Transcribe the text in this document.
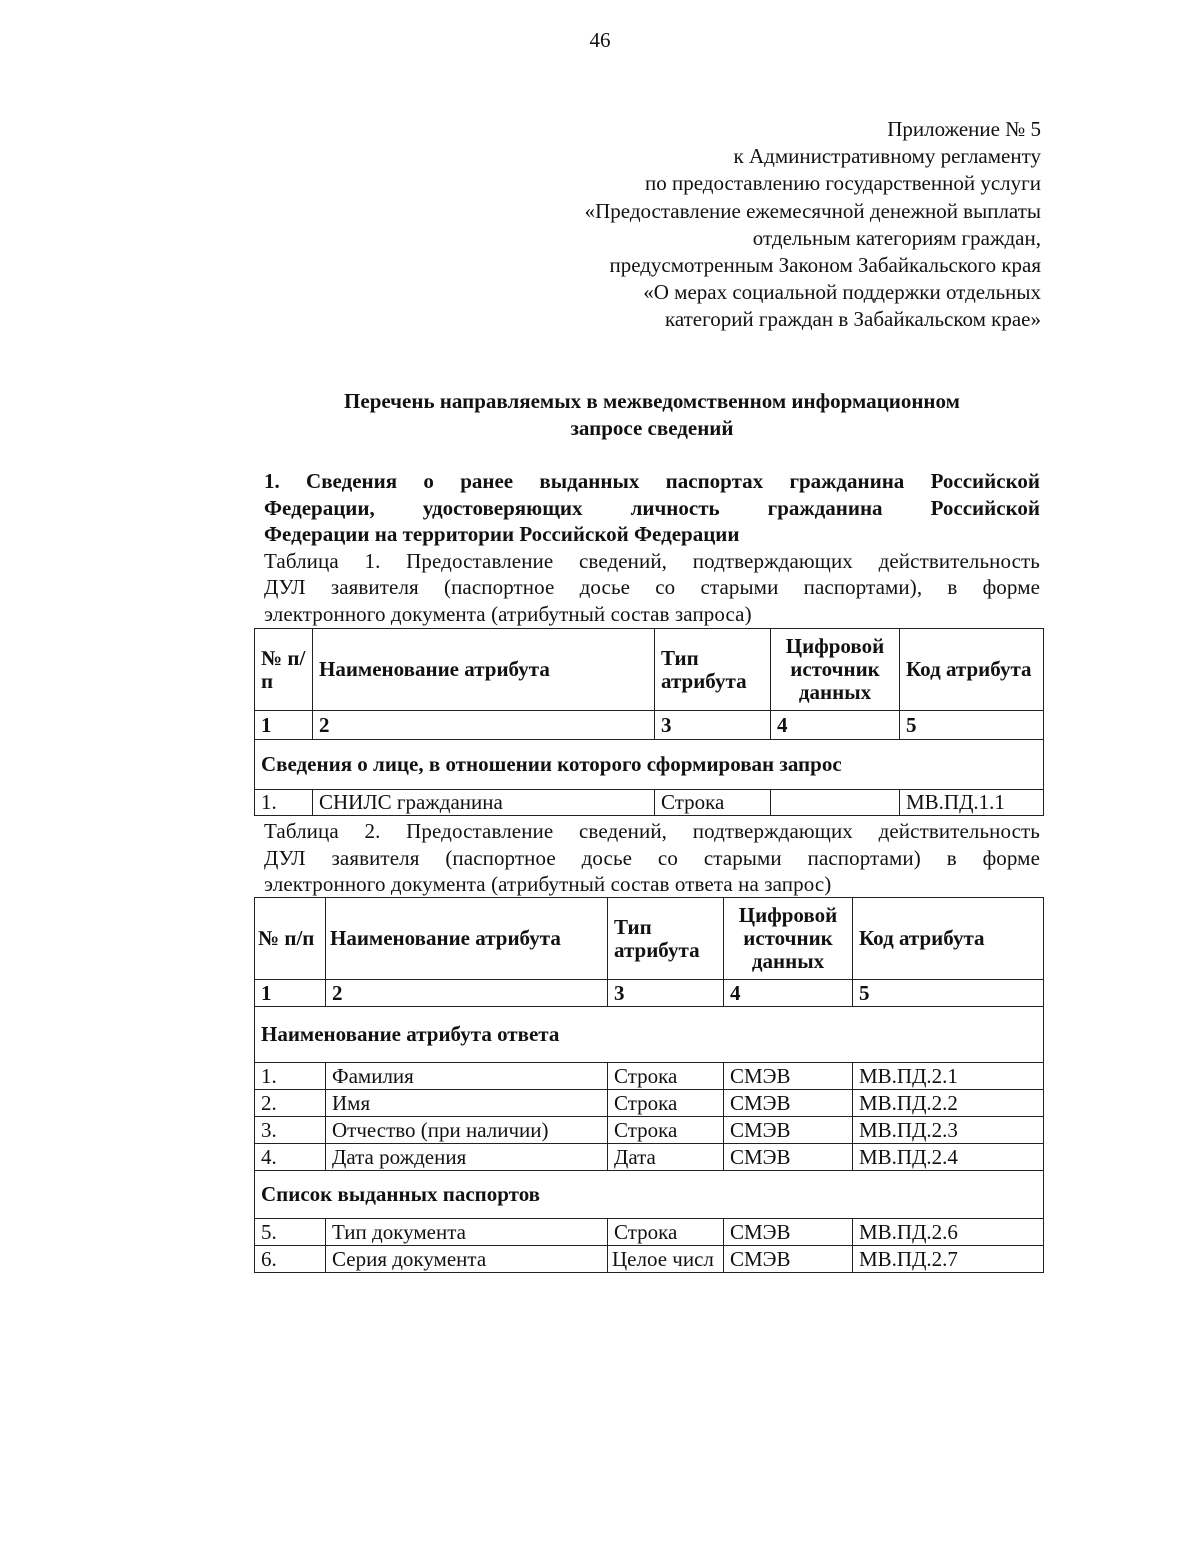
46
Приложение № 5
к Административному регламенту
по предоставлению государственной услуги
«Предоставление ежемесячной денежной выплаты
отдельным категориям граждан,
предусмотренным Законом Забайкальского края
«О мерах социальной поддержки отдельных
категорий граждан в Забайкальском крае»
Перечень направляемых в межведомственном информационном
запросе сведений
1. Сведения о ранее выданных паспортах гражданина Российской
Федерации, удостоверяющих личность гражданина Российской
Федерации на территории Российской Федерации
Таблица 1. Предоставление сведений, подтверждающих действительность
ДУЛ заявителя (паспортное досье со старыми паспортами), в форме
электронного документа (атрибутный состав запроса)
№ п/п	Наименование атрибута	Тип атрибута	Цифровой источник данных	Код атрибута
1	2	3	4	5
Сведения о лице, в отношении которого сформирован запрос				
1.	СНИЛС гражданина	Строка		МВ.ПД.1.1
Таблица 2. Предоставление сведений, подтверждающих действительность
ДУЛ заявителя (паспортное досье со старыми паспортами) в форме
электронного документа (атрибутный состав ответа на запрос)
№ п/п	Наименование атрибута	Тип атрибута	Цифровой источник данных	Код атрибута
1	2	3	4	5
Наименование атрибута ответа				
1.	Фамилия	Строка	СМЭВ	МВ.ПД.2.1
2.	Имя	Строка	СМЭВ	МВ.ПД.2.2
3.	Отчество (при наличии)	Строка	СМЭВ	МВ.ПД.2.3
4.	Дата рождения	Дата	СМЭВ	МВ.ПД.2.4
Список выданных паспортов				
5.	Тип документа	Строка	СМЭВ	МВ.ПД.2.6
6.	Серия документа	Целое числ	СМЭВ	МВ.ПД.2.7
